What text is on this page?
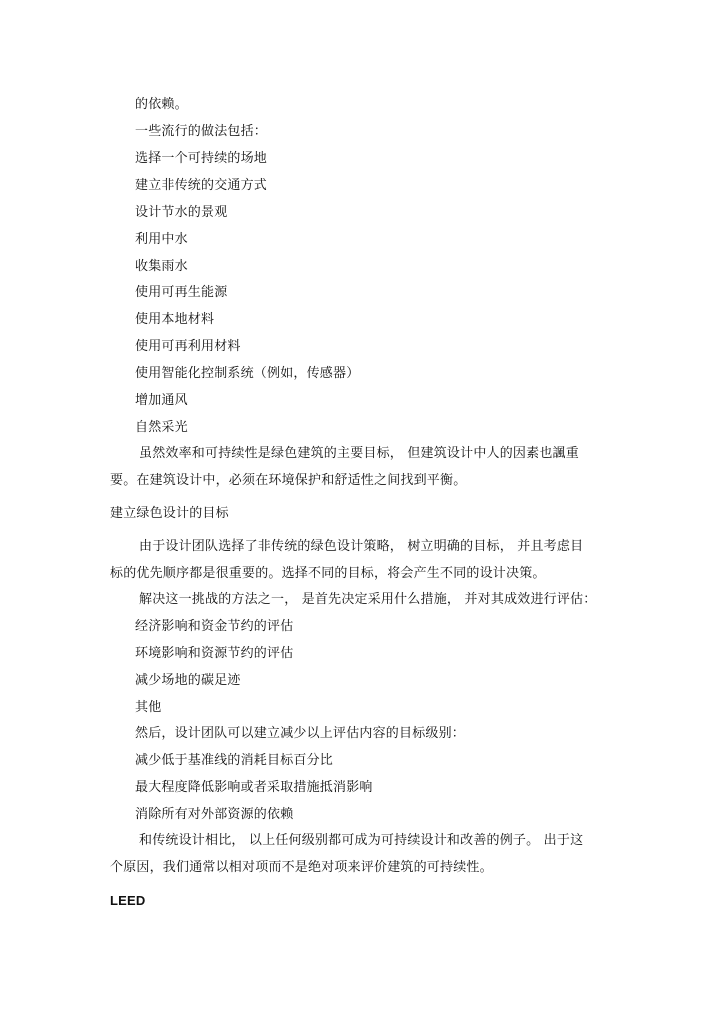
的依赖。
一些流行的做法包括：
选择一个可持续的场地
建立非传统的交通方式
设计节水的景观
利用中水
收集雨水
使用可再生能源
使用本地材料
使用可再利用材料
使用智能化控制系统（例如，传感器）
增加通风
自然采光
虽然效率和可持续性是绿色建筑的主要目标， 但建筑设计中人的因素也諷重
要。在建筑设计中，必须在环境保护和舒适性之间找到平衡。
建立绿色设计的目标
由于设计团队选择了非传统的绿色设计策略， 树立明确的目标， 并且考虑目
标的优先顺序都是很重要的。选择不同的目标，将会产生不同的设计决策。
解决这一挑战的方法之一， 是首先决定采用什么措施， 并对其成效进行评估：
经济影响和资金节约的评估
环境影响和资源节约的评估
减少场地的碳足迹
其他
然后，设计团队可以建立减少以上评估内容的目标级别：
减少低于基准线的消耗目标百分比
最大程度降低影响或者采取措施抵消影响
消除所有对外部资源的依赖
和传统设计相比， 以上任何级别都可成为可持续设计和改善的例子。 出于这
个原因，我们通常以相对项而不是绝对项来评价建筑的可持续性。
LEED
